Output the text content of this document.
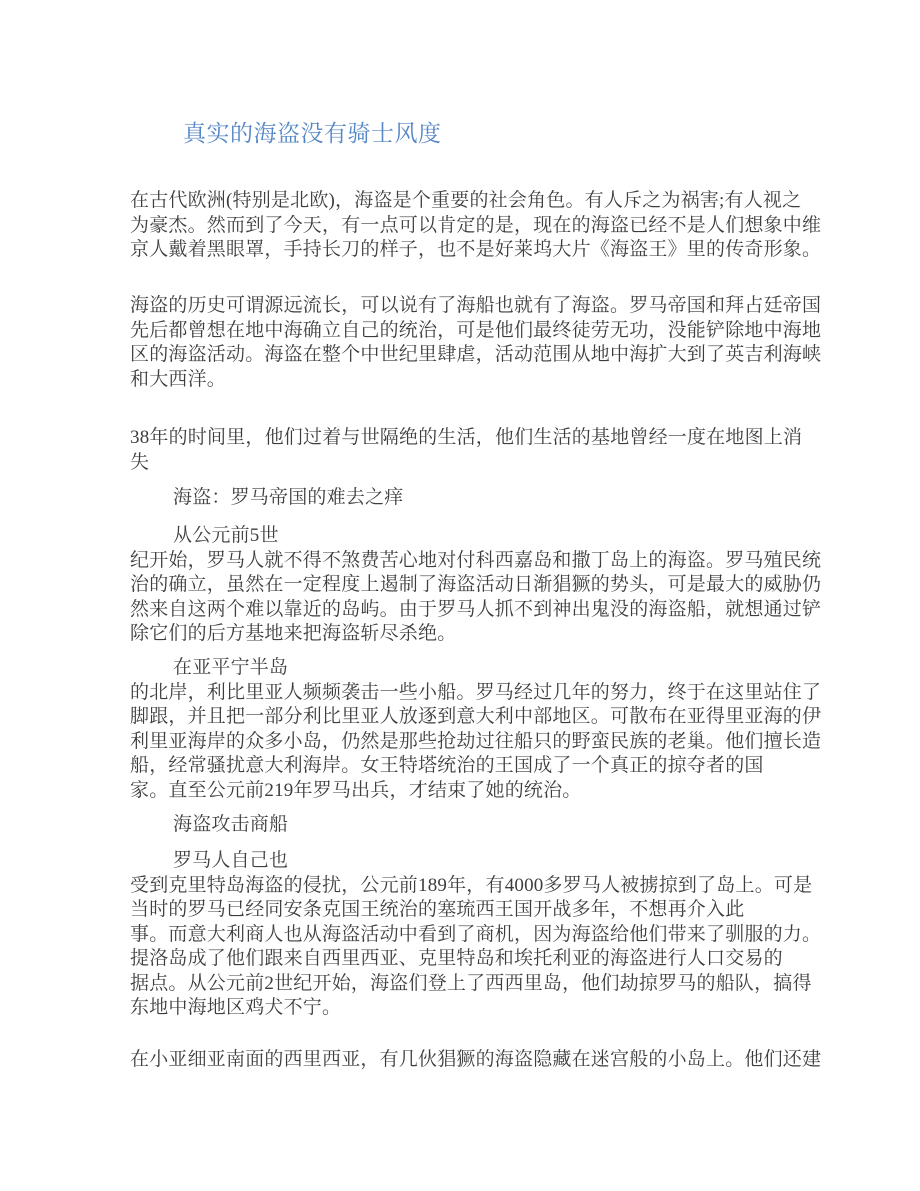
真实的海盗没有骑士风度
在古代欧洲(特别是北欧)，海盗是个重要的社会角色。有人斥之为祸害;有人视之
为豪杰。然而到了今天，有一点可以肯定的是，现在的海盗已经不是人们想象中维
京人戴着黑眼罩，手持长刀的样子，也不是好莱坞大片《海盗王》里的传奇形象。
海盗的历史可谓源远流长，可以说有了海船也就有了海盗。罗马帝国和拜占廷帝国
先后都曾想在地中海确立自己的统治，可是他们最终徒劳无功，没能铲除地中海地
区的海盗活动。海盗在整个中世纪里肆虐，活动范围从地中海扩大到了英吉利海峡
和大西洋。
38年的时间里，他们过着与世隔绝的生活，他们生活的基地曾经一度在地图上消
失
海盗：罗马帝国的难去之痒
从公元前5世
纪开始，罗马人就不得不煞费苦心地对付科西嘉岛和撒丁岛上的海盗。罗马殖民统
治的确立，虽然在一定程度上遏制了海盗活动日渐猖獗的势头，可是最大的威胁仍
然来自这两个难以靠近的岛屿。由于罗马人抓不到神出鬼没的海盗船，就想通过铲
除它们的后方基地来把海盗斩尽杀绝。
在亚平宁半岛
的北岸，利比里亚人频频袭击一些小船。罗马经过几年的努力，终于在这里站住了
脚跟，并且把一部分利比里亚人放逐到意大利中部地区。可散布在亚得里亚海的伊
利里亚海岸的众多小岛，仍然是那些抢劫过往船只的野蛮民族的老巢。他们擅长造
船，经常骚扰意大利海岸。女王特塔统治的王国成了一个真正的掠夺者的国
家。直至公元前219年罗马出兵，才结束了她的统治。
海盗攻击商船
罗马人自己也
受到克里特岛海盗的侵扰，公元前189年，有4000多罗马人被掳掠到了岛上。可是
当时的罗马已经同安条克国王统治的塞琉西王国开战多年，不想再介入此
事。而意大利商人也从海盗活动中看到了商机，因为海盗给他们带来了驯服的力。
提洛岛成了他们跟来自西里西亚、克里特岛和埃托利亚的海盗进行人口交易的
据点。从公元前2世纪开始，海盗们登上了西西里岛，他们劫掠罗马的船队，搞得
东地中海地区鸡犬不宁。
在小亚细亚南面的西里西亚，有几伙猖獗的海盗隐藏在迷宫般的小岛上。他们还建
